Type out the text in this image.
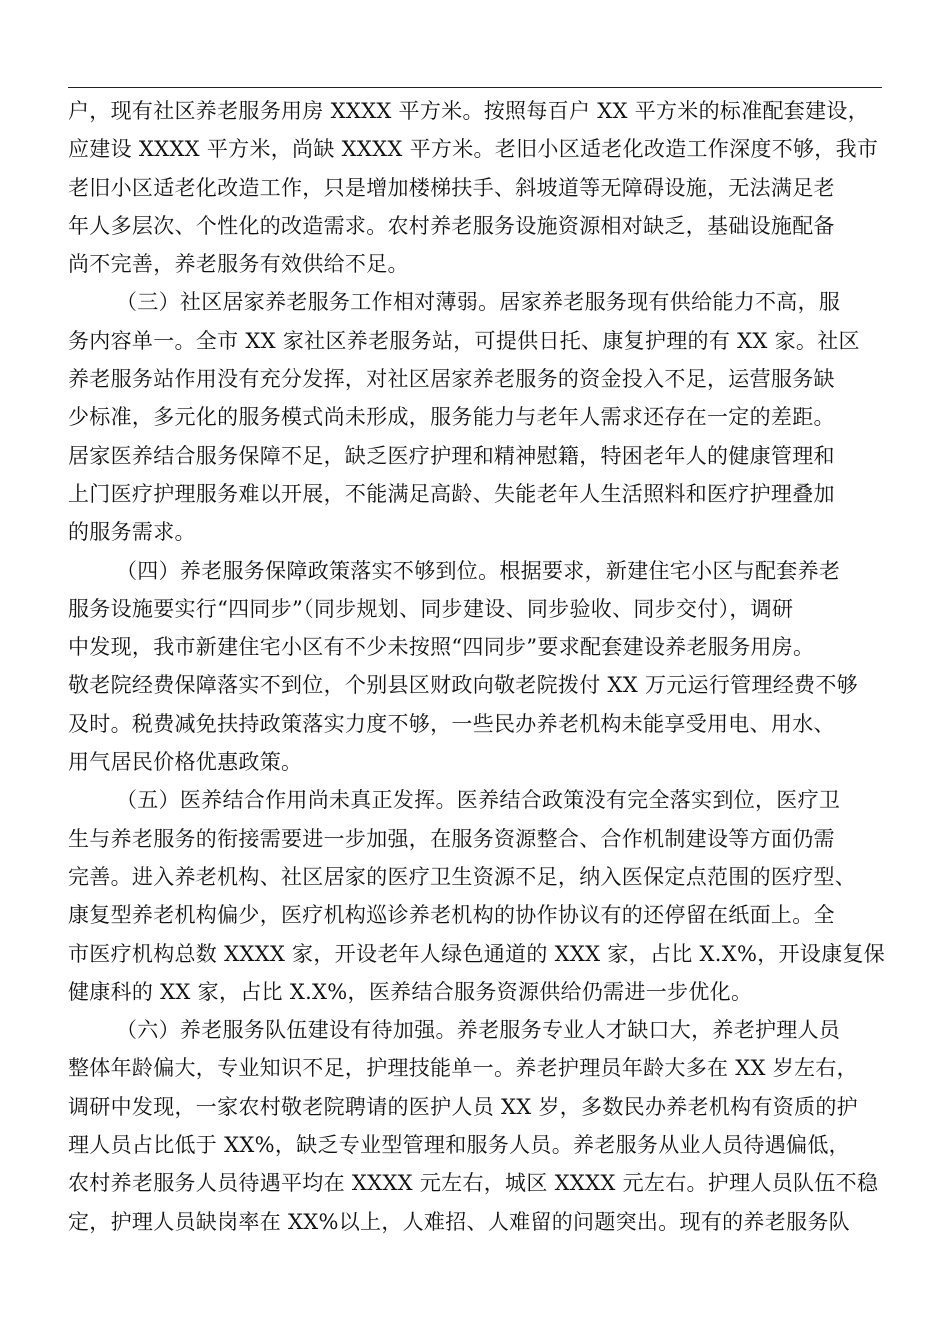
户，现有社区养老服务用房 XXXX 平方米。按照每百户 XX 平方米的标准配套建设，
应建设 XXXX 平方米，尚缺 XXXX 平方米。老旧小区适老化改造工作深度不够，我市
老旧小区适老化改造工作，只是增加楼梯扶手、斜坡道等无障碍设施，无法满足老
年人多层次、个性化的改造需求。农村养老服务设施资源相对缺乏，基础设施配备
尚不完善，养老服务有效供给不足。
（三）社区居家养老服务工作相对薄弱。居家养老服务现有供给能力不高，服
务内容单一。全市 XX 家社区养老服务站，可提供日托、康复护理的有 XX 家。社区
养老服务站作用没有充分发挥，对社区居家养老服务的资金投入不足，运营服务缺
少标准，多元化的服务模式尚未形成，服务能力与老年人需求还存在一定的差距。
居家医养结合服务保障不足，缺乏医疗护理和精神慰籍，特困老年人的健康管理和
上门医疗护理服务难以开展，不能满足高龄、失能老年人生活照料和医疗护理叠加
的服务需求。
（四）养老服务保障政策落实不够到位。根据要求，新建住宅小区与配套养老
服务设施要实行“四同步”（同步规划、同步建设、同步验收、同步交付），调研
中发现，我市新建住宅小区有不少未按照“四同步”要求配套建设养老服务用房。
敬老院经费保障落实不到位，个别县区财政向敬老院拨付 XX 万元运行管理经费不够
及时。税费减免扶持政策落实力度不够，一些民办养老机构未能享受用电、用水、
用气居民价格优惠政策。
（五）医养结合作用尚未真正发挥。医养结合政策没有完全落实到位，医疗卫
生与养老服务的衔接需要进一步加强，在服务资源整合、合作机制建设等方面仍需
完善。进入养老机构、社区居家的医疗卫生资源不足，纳入医保定点范围的医疗型、
康复型养老机构偏少，医疗机构巡诊养老机构的协作协议有的还停留在纸面上。全
市医疗机构总数 XXXX 家，开设老年人绿色通道的 XXX 家，占比 X.X%，开设康复保
健康科的 XX 家，占比 X.X%，医养结合服务资源供给仍需进一步优化。
（六）养老服务队伍建设有待加强。养老服务专业人才缺口大，养老护理人员
整体年龄偏大，专业知识不足，护理技能单一。养老护理员年龄大多在 XX 岁左右，
调研中发现，一家农村敬老院聘请的医护人员 XX 岁，多数民办养老机构有资质的护
理人员占比低于 XX%，缺乏专业型管理和服务人员。养老服务从业人员待遇偏低，
农村养老服务人员待遇平均在 XXXX 元左右，城区 XXXX 元左右。护理人员队伍不稳
定，护理人员缺岗率在 XX%以上，人难招、人难留的问题突出。现有的养老服务队
